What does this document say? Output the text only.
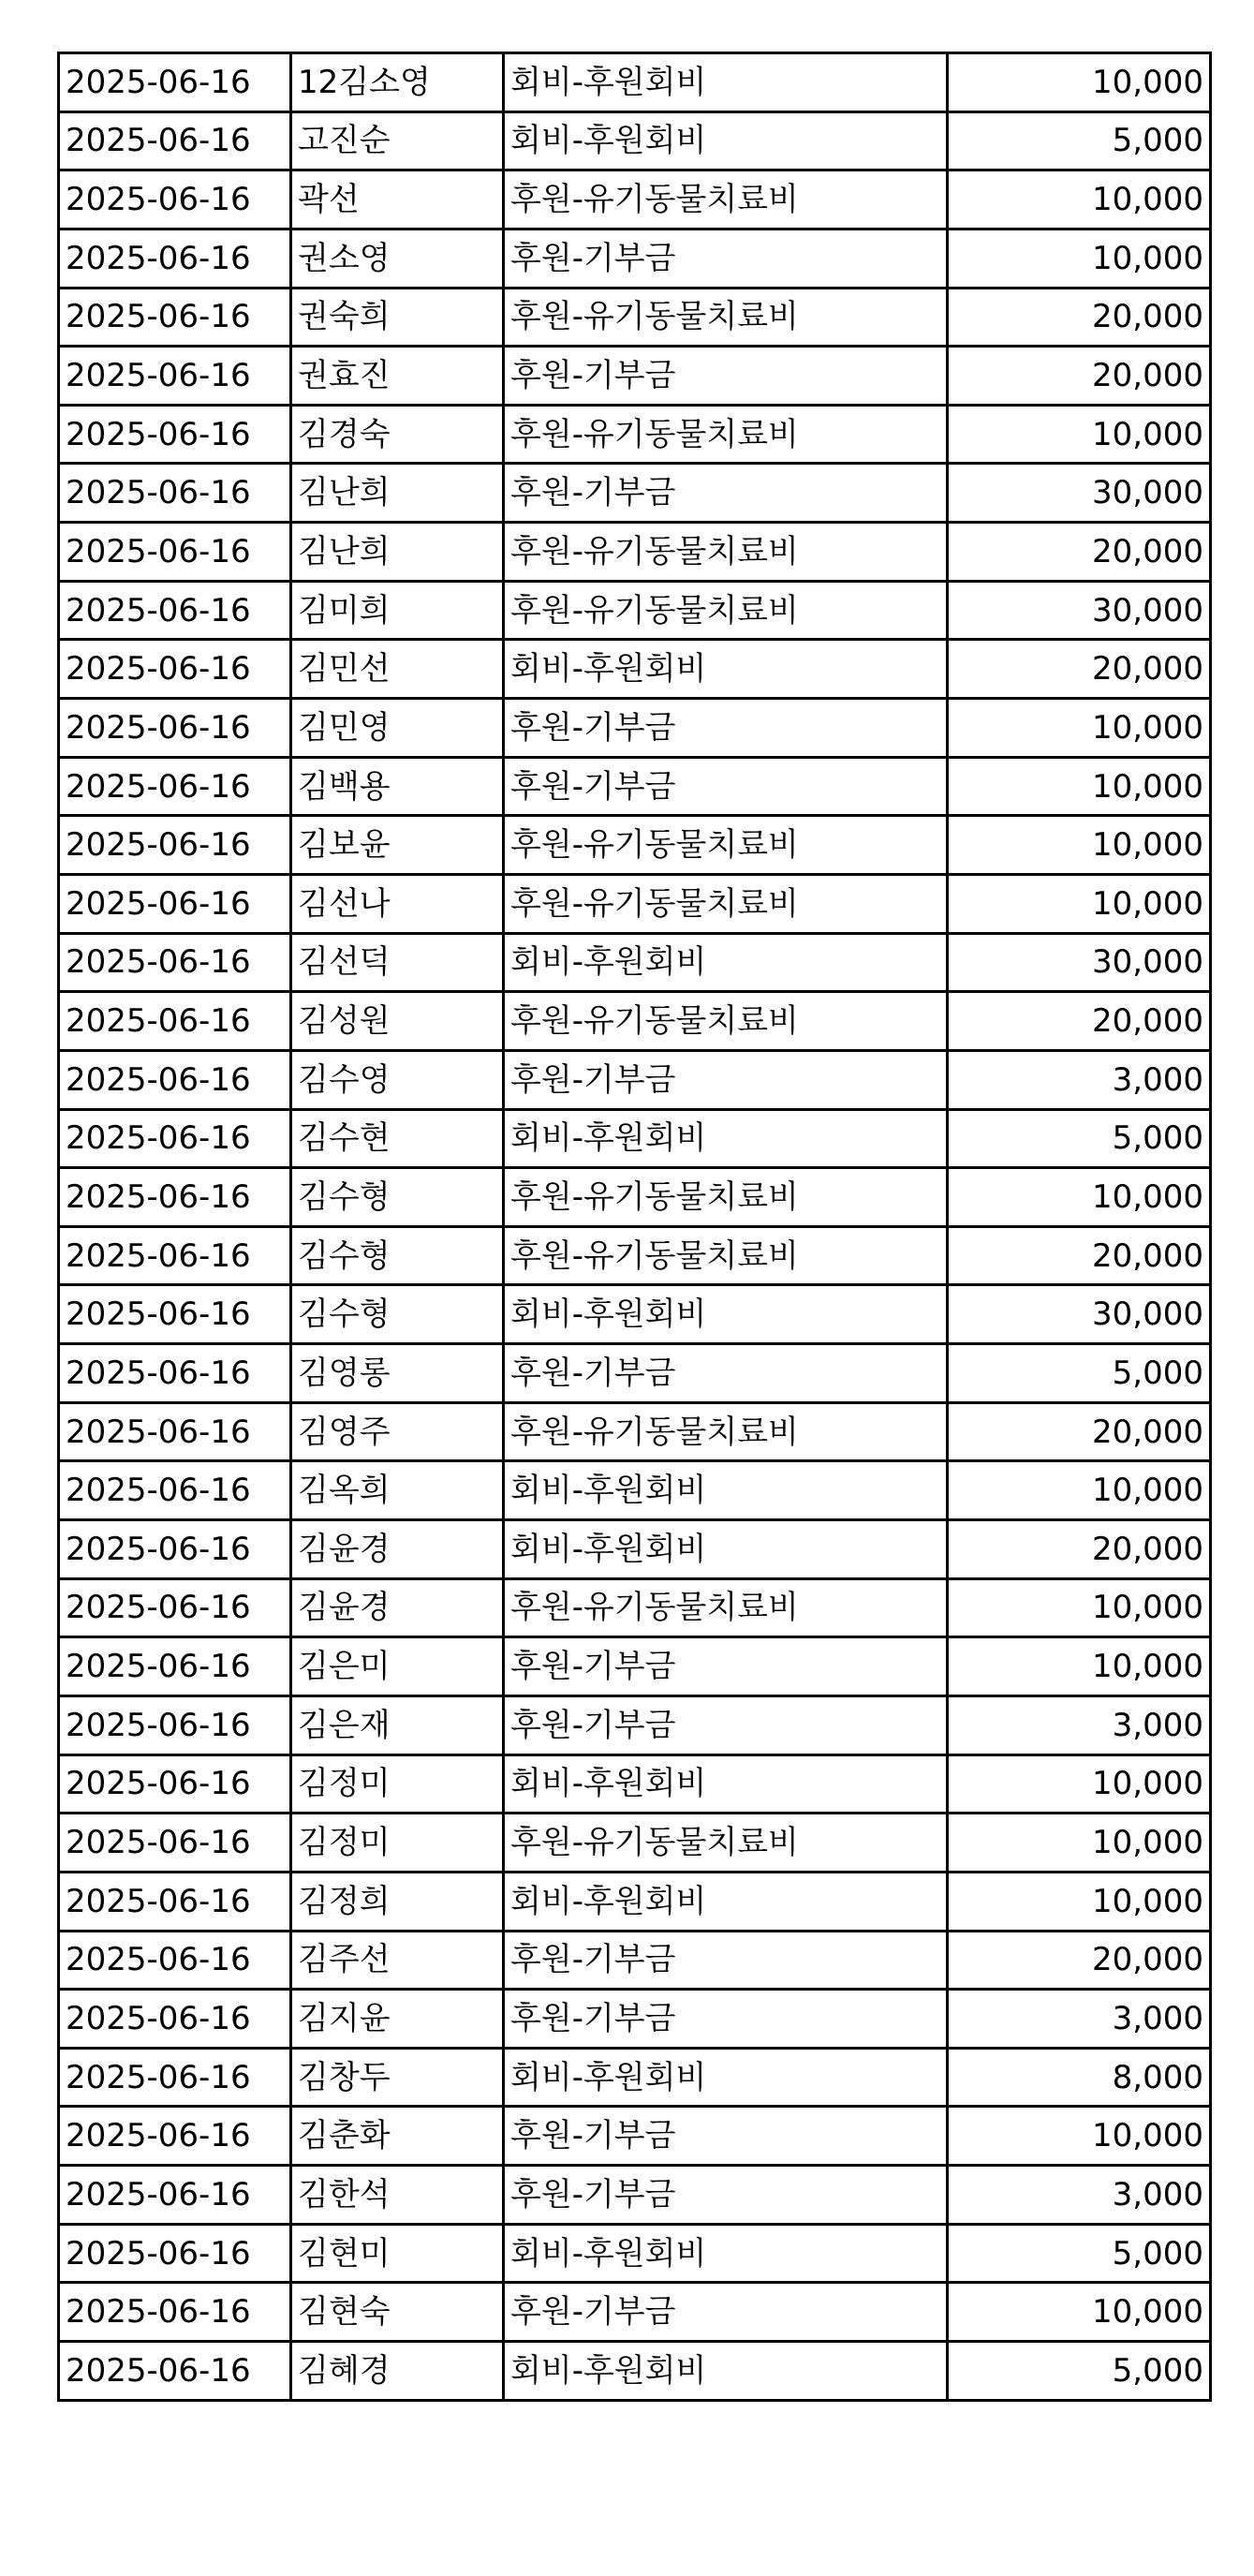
2025-06-16	12김소영	회비-후원회비	10,000
2025-06-16	고진순	회비-후원회비	5,000
2025-06-16	곽선	후원-유기동물치료비	10,000
2025-06-16	권소영	후원-기부금	10,000
2025-06-16	권숙희	후원-유기동물치료비	20,000
2025-06-16	권효진	후원-기부금	20,000
2025-06-16	김경숙	후원-유기동물치료비	10,000
2025-06-16	김난희	후원-기부금	30,000
2025-06-16	김난희	후원-유기동물치료비	20,000
2025-06-16	김미희	후원-유기동물치료비	30,000
2025-06-16	김민선	회비-후원회비	20,000
2025-06-16	김민영	후원-기부금	10,000
2025-06-16	김백용	후원-기부금	10,000
2025-06-16	김보윤	후원-유기동물치료비	10,000
2025-06-16	김선나	후원-유기동물치료비	10,000
2025-06-16	김선덕	회비-후원회비	30,000
2025-06-16	김성원	후원-유기동물치료비	20,000
2025-06-16	김수영	후원-기부금	3,000
2025-06-16	김수현	회비-후원회비	5,000
2025-06-16	김수형	후원-유기동물치료비	10,000
2025-06-16	김수형	후원-유기동물치료비	20,000
2025-06-16	김수형	회비-후원회비	30,000
2025-06-16	김영롱	후원-기부금	5,000
2025-06-16	김영주	후원-유기동물치료비	20,000
2025-06-16	김옥희	회비-후원회비	10,000
2025-06-16	김윤경	회비-후원회비	20,000
2025-06-16	김윤경	후원-유기동물치료비	10,000
2025-06-16	김은미	후원-기부금	10,000
2025-06-16	김은재	후원-기부금	3,000
2025-06-16	김정미	회비-후원회비	10,000
2025-06-16	김정미	후원-유기동물치료비	10,000
2025-06-16	김정희	회비-후원회비	10,000
2025-06-16	김주선	후원-기부금	20,000
2025-06-16	김지윤	후원-기부금	3,000
2025-06-16	김창두	회비-후원회비	8,000
2025-06-16	김춘화	후원-기부금	10,000
2025-06-16	김한석	후원-기부금	3,000
2025-06-16	김현미	회비-후원회비	5,000
2025-06-16	김현숙	후원-기부금	10,000
2025-06-16	김혜경	회비-후원회비	5,000
